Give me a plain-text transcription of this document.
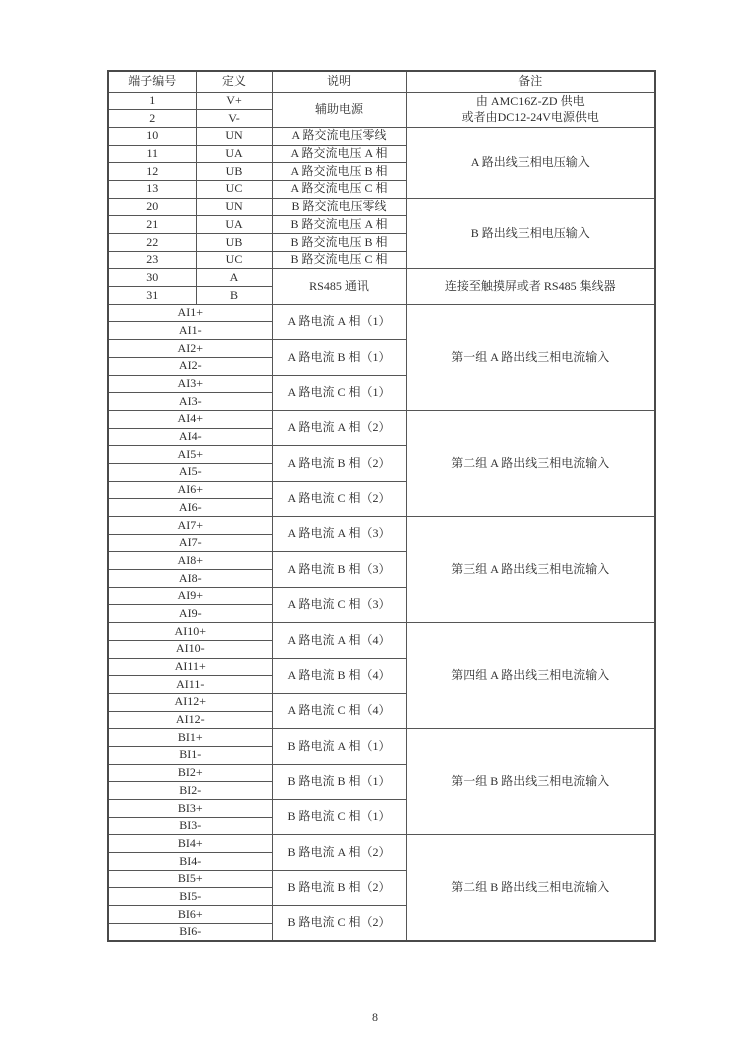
端子编号	定义	说明	备注
1	V+	辅助电源	由 AMC16Z-ZD 供电
或者由DC12-24V电源供电

2	V-		
10	UN	A 路交流电压零线	A 路出线三相电压输入
11	UA	A 路交流电压 A 相	
12	UB	A 路交流电压 B 相	
13	UC	A 路交流电压 C 相	
20	UN	B 路交流电压零线	B 路出线三相电压输入
21	UA	B 路交流电压 A 相	
22	UB	B 路交流电压 B 相	
23	UC	B 路交流电压 C 相	
30	A	RS485 通讯	连接至触摸屏或者 RS485 集线器
31	B		
AI1+		A 路电流 A 相（1）	第一组 A 路出线三相电流输入
AI1-			
AI2+		A 路电流 B 相（1）	
AI2-			
AI3+		A 路电流 C 相（1）	
AI3-			
AI4+		A 路电流 A 相（2）	第二组 A 路出线三相电流输入
AI4-			
AI5+		A 路电流 B 相（2）	
AI5-			
AI6+		A 路电流 C 相（2）	
AI6-			
AI7+		A 路电流 A 相（3）	第三组 A 路出线三相电流输入
AI7-			
AI8+		A 路电流 B 相（3）	
AI8-			
AI9+		A 路电流 C 相（3）	
AI9-			
AI10+		A 路电流 A 相（4）	第四组 A 路出线三相电流输入
AI10-			
AI11+		A 路电流 B 相（4）	
AI11-			
AI12+		A 路电流 C 相（4）	
AI12-			
BI1+		B 路电流 A 相（1）	第一组 B 路出线三相电流输入
BI1-			
BI2+		B 路电流 B 相（1）	
BI2-			
BI3+		B 路电流 C 相（1）	
BI3-			
BI4+		B 路电流 A 相（2）	第二组 B 路出线三相电流输入
BI4-			
BI5+		B 路电流 B 相（2）	
BI5-			
BI6+		B 路电流 C 相（2）	
BI6-			
8
